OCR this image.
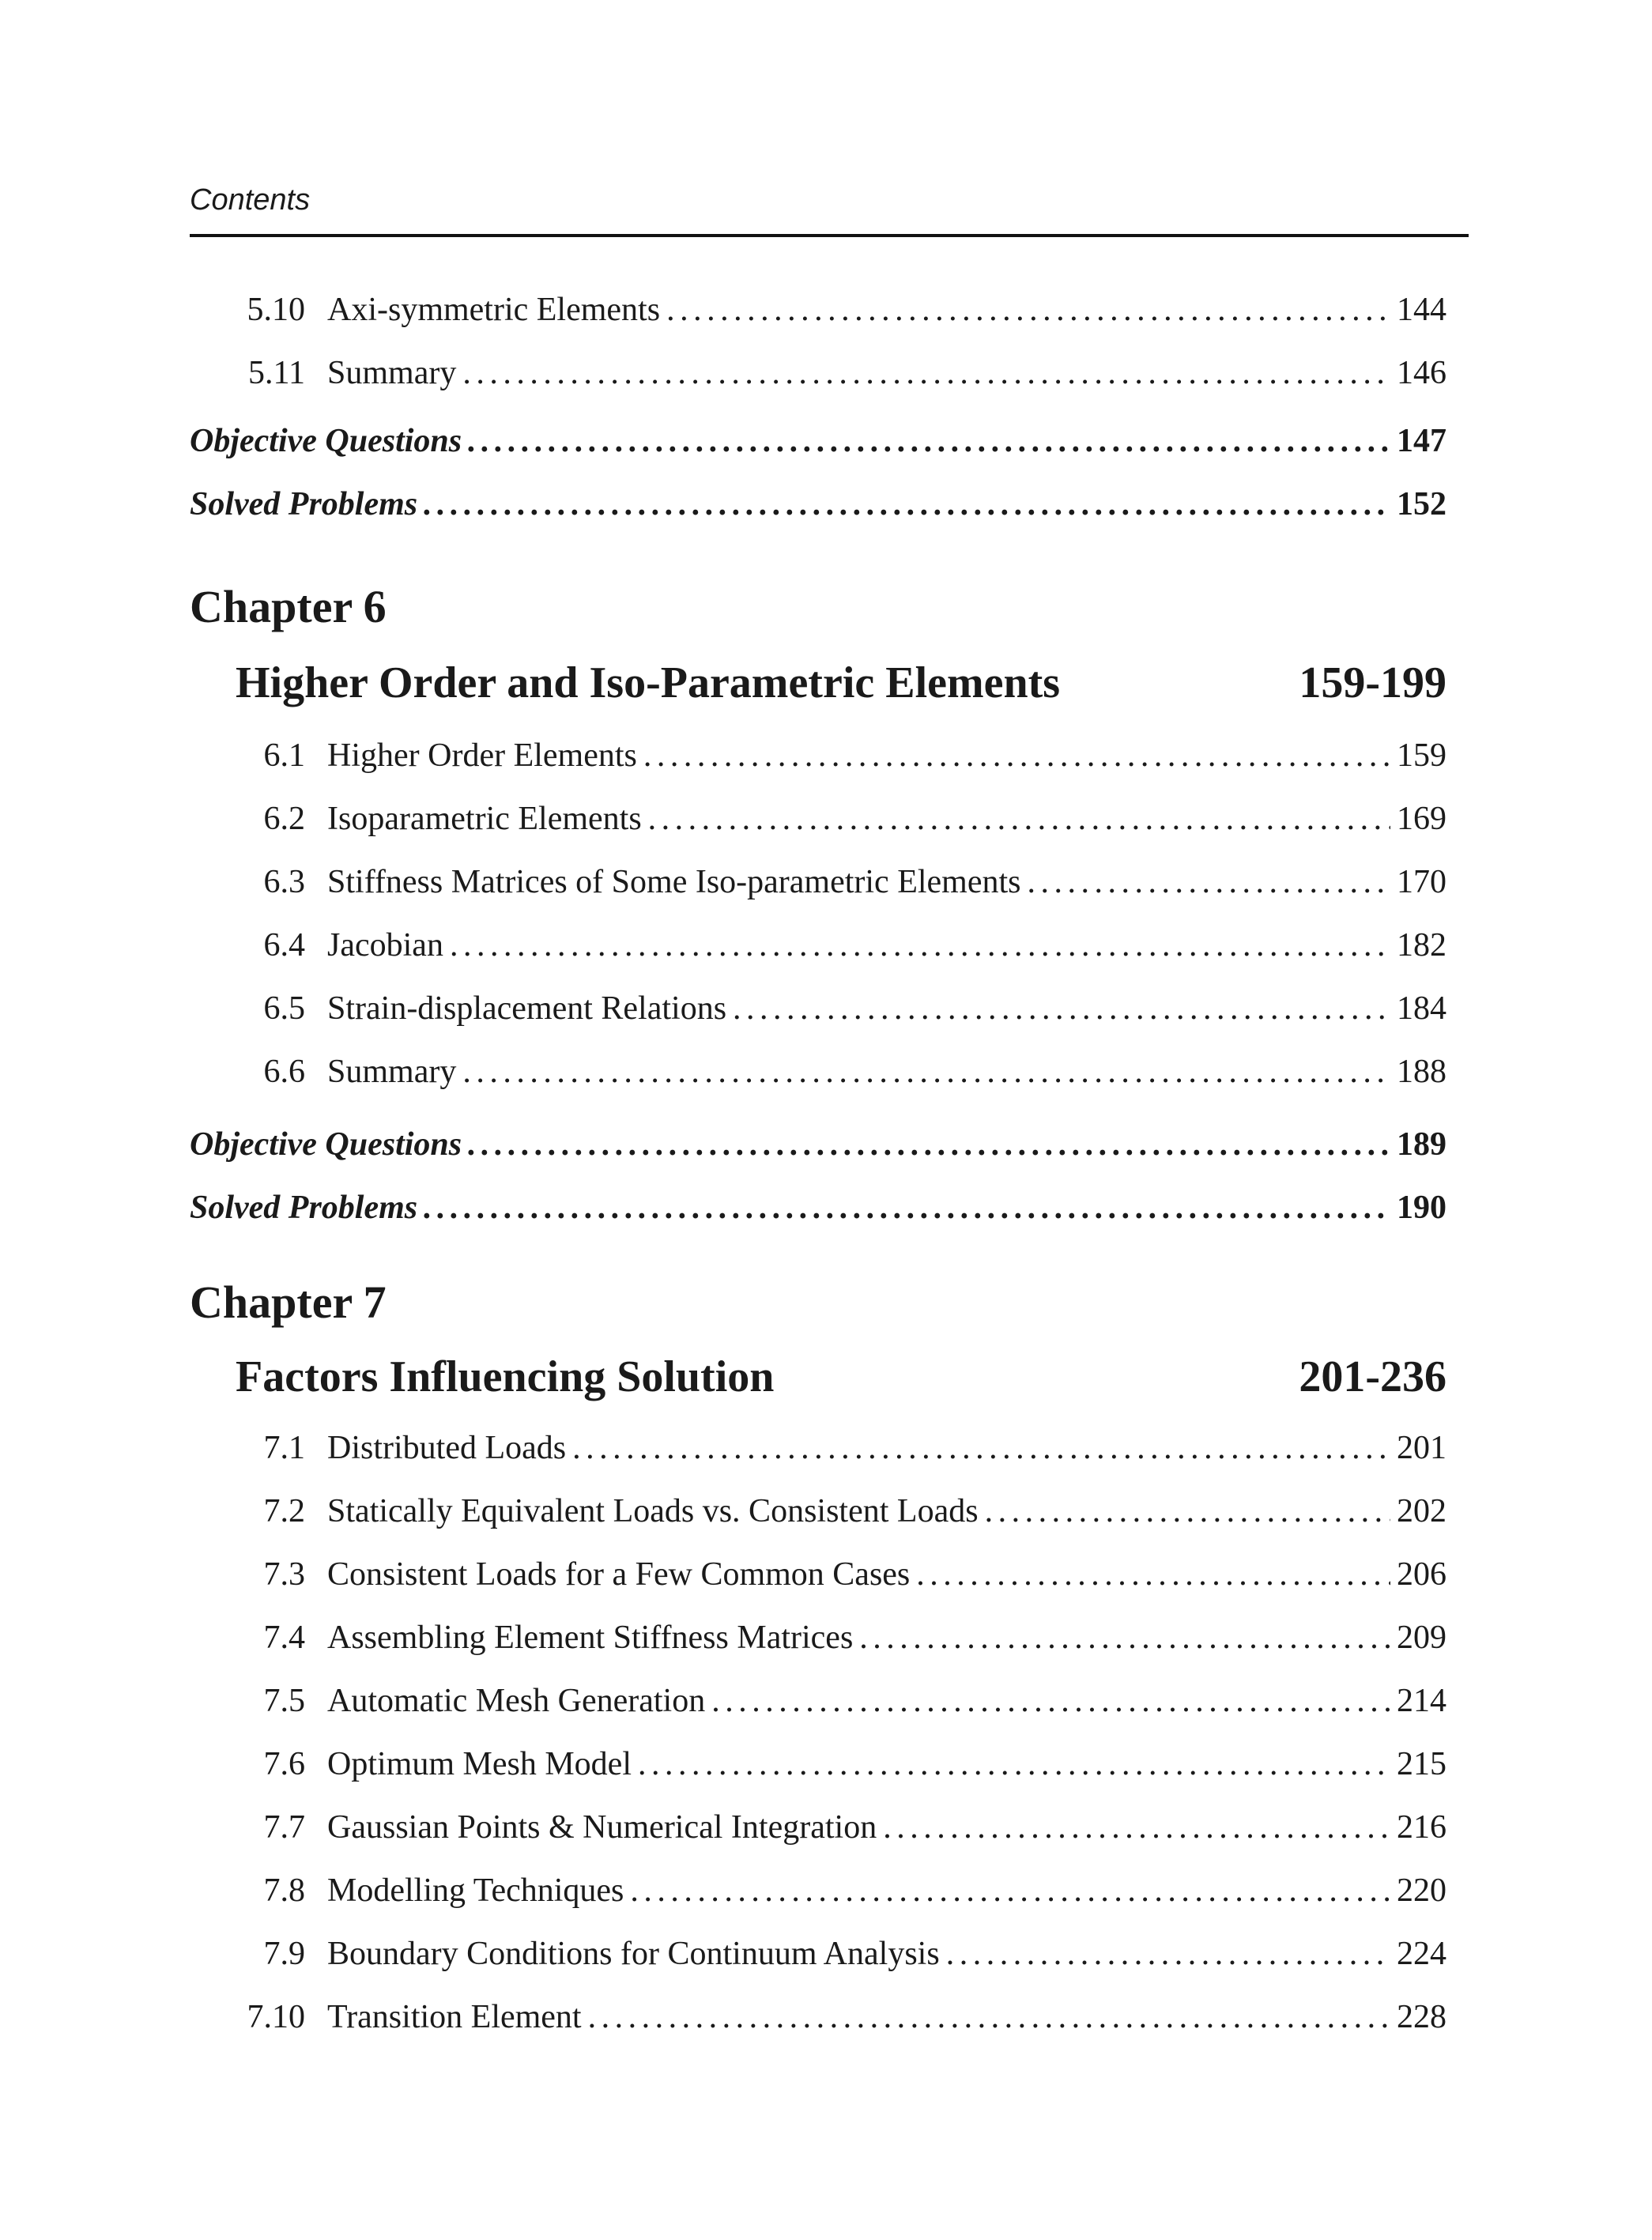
Contents
5.10 Axi-symmetric Elements . . .	144
5.11 Summary . . .	146
Objective Questions . . .	147
Solved Problems . . .	152
Chapter 6
Higher Order and Iso-Parametric Elements	159-199
6.1 Higher Order Elements . . .	159
6.2 Isoparametric Elements . . .	169
6.3 Stiffness Matrices of Some Iso-parametric Elements . . .	170
6.4 Jacobian . . .	182
6.5 Strain-displacement Relations . . .	184
6.6 Summary . . .	188
Objective Questions . . .	189
Solved Problems . . .	190
Chapter 7
Factors Influencing Solution	201-236
7.1 Distributed Loads . . .	201
7.2 Statically Equivalent Loads vs. Consistent Loads . . .	202
7.3 Consistent Loads for a Few Common Cases . . .	206
7.4 Assembling Element Stiffness Matrices . . .	209
7.5 Automatic Mesh Generation . . .	214
7.6 Optimum Mesh Model . . .	215
7.7 Gaussian Points & Numerical Integration . . .	216
7.8 Modelling Techniques . . .	220
7.9 Boundary Conditions for Continuum Analysis . . .	224
7.10 Transition Element . . .	228
